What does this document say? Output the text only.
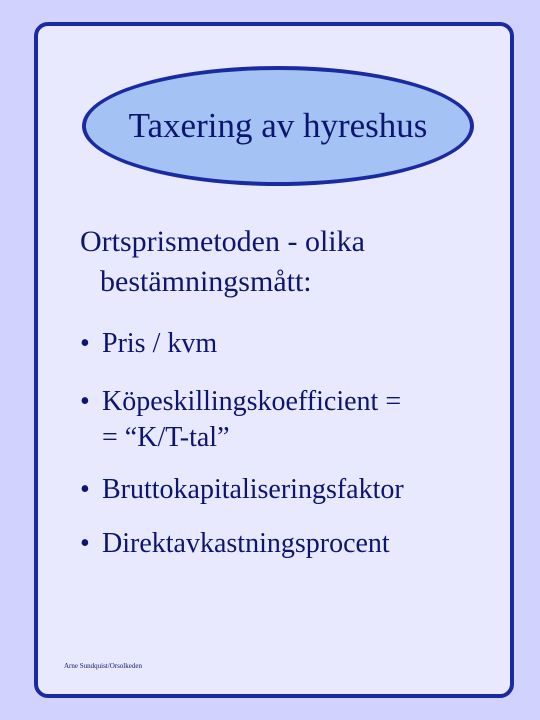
Taxering av hyreshus
Ortsprismetoden - olika
bestämningsmått:
• Pris / kvm
• Köpeskillingskoefficient =
= “K/T-tal”
• Bruttokapitaliseringsfaktor
• Direktavkastningsprocent
Arne Sundquist/Orsolkeden
